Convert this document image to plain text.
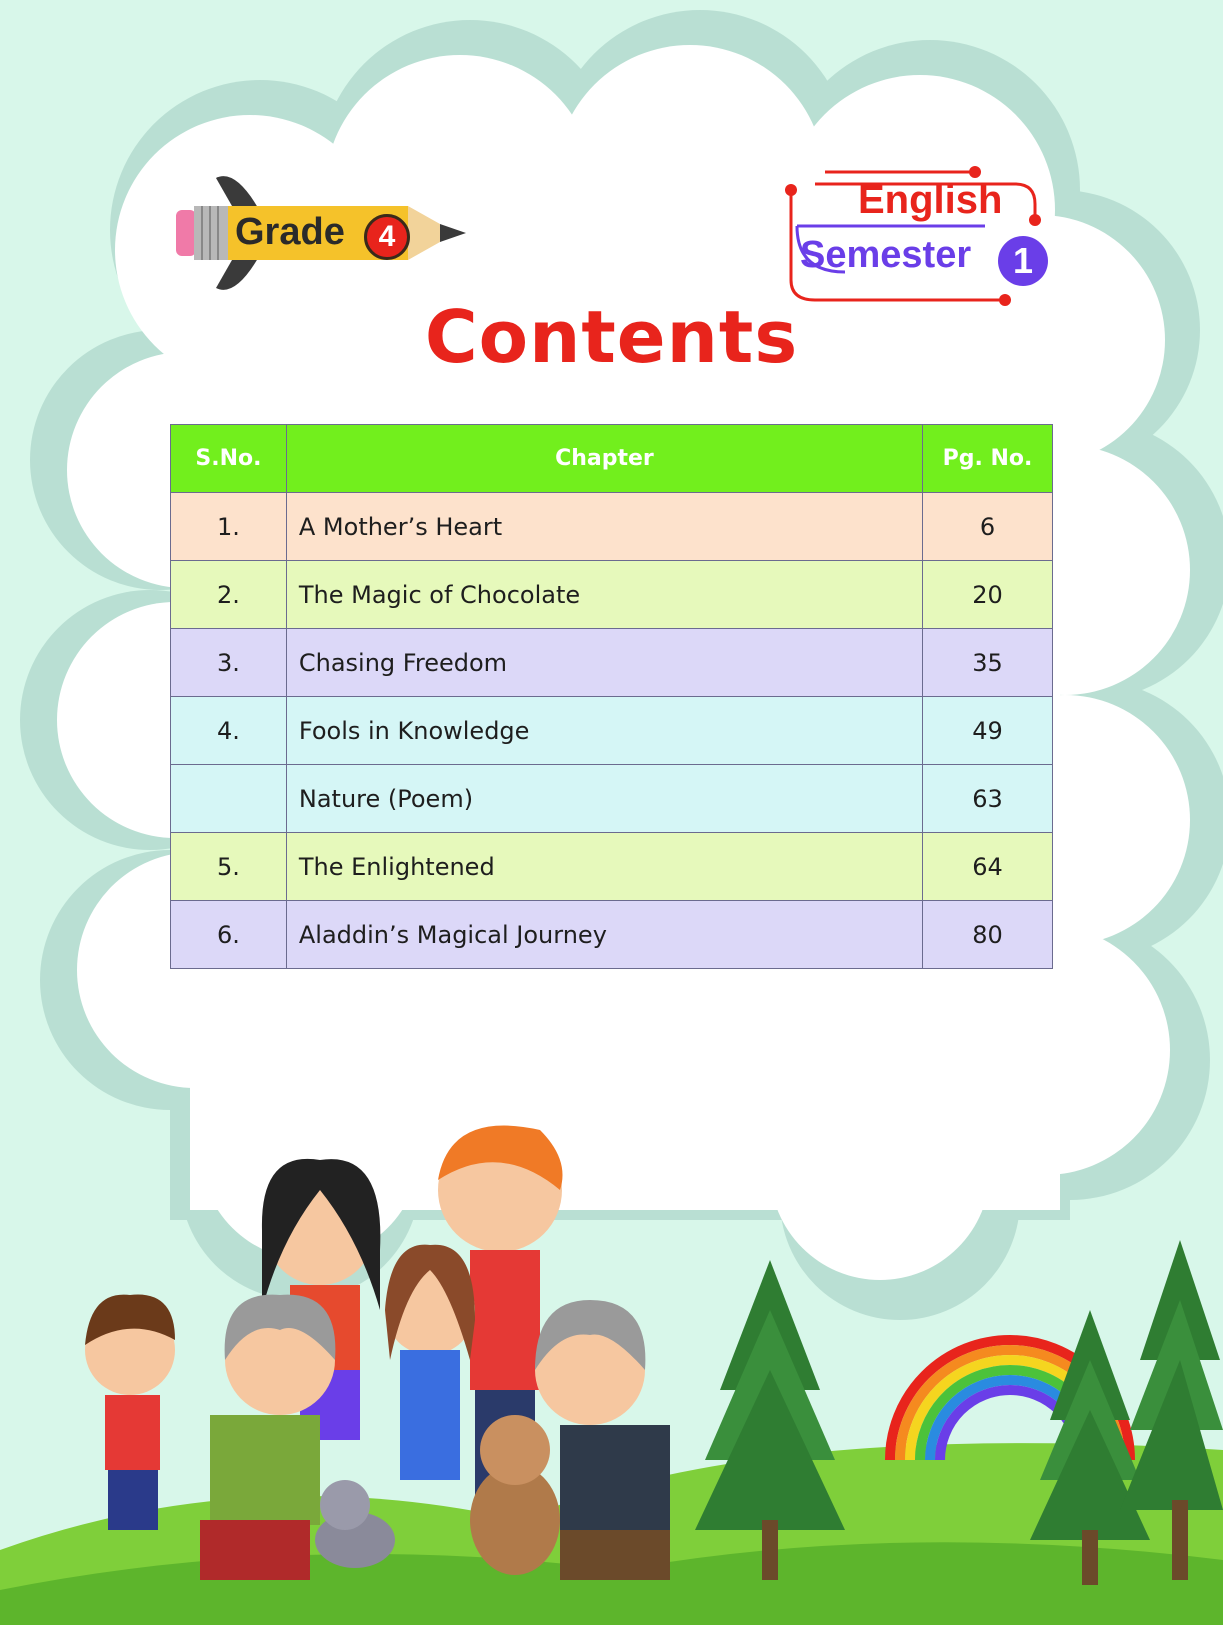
Grade	4
English
Semester	1
Contents
S.No.	Chapter	Pg. No.
1.	A Mother’s Heart	6
2.	The Magic of Chocolate	20
3.	Chasing Freedom	35
4.	Fools in Knowledge	49
	Nature (Poem)	63
5.	The Enlightened	64
6.	Aladdin’s Magical Journey	80
